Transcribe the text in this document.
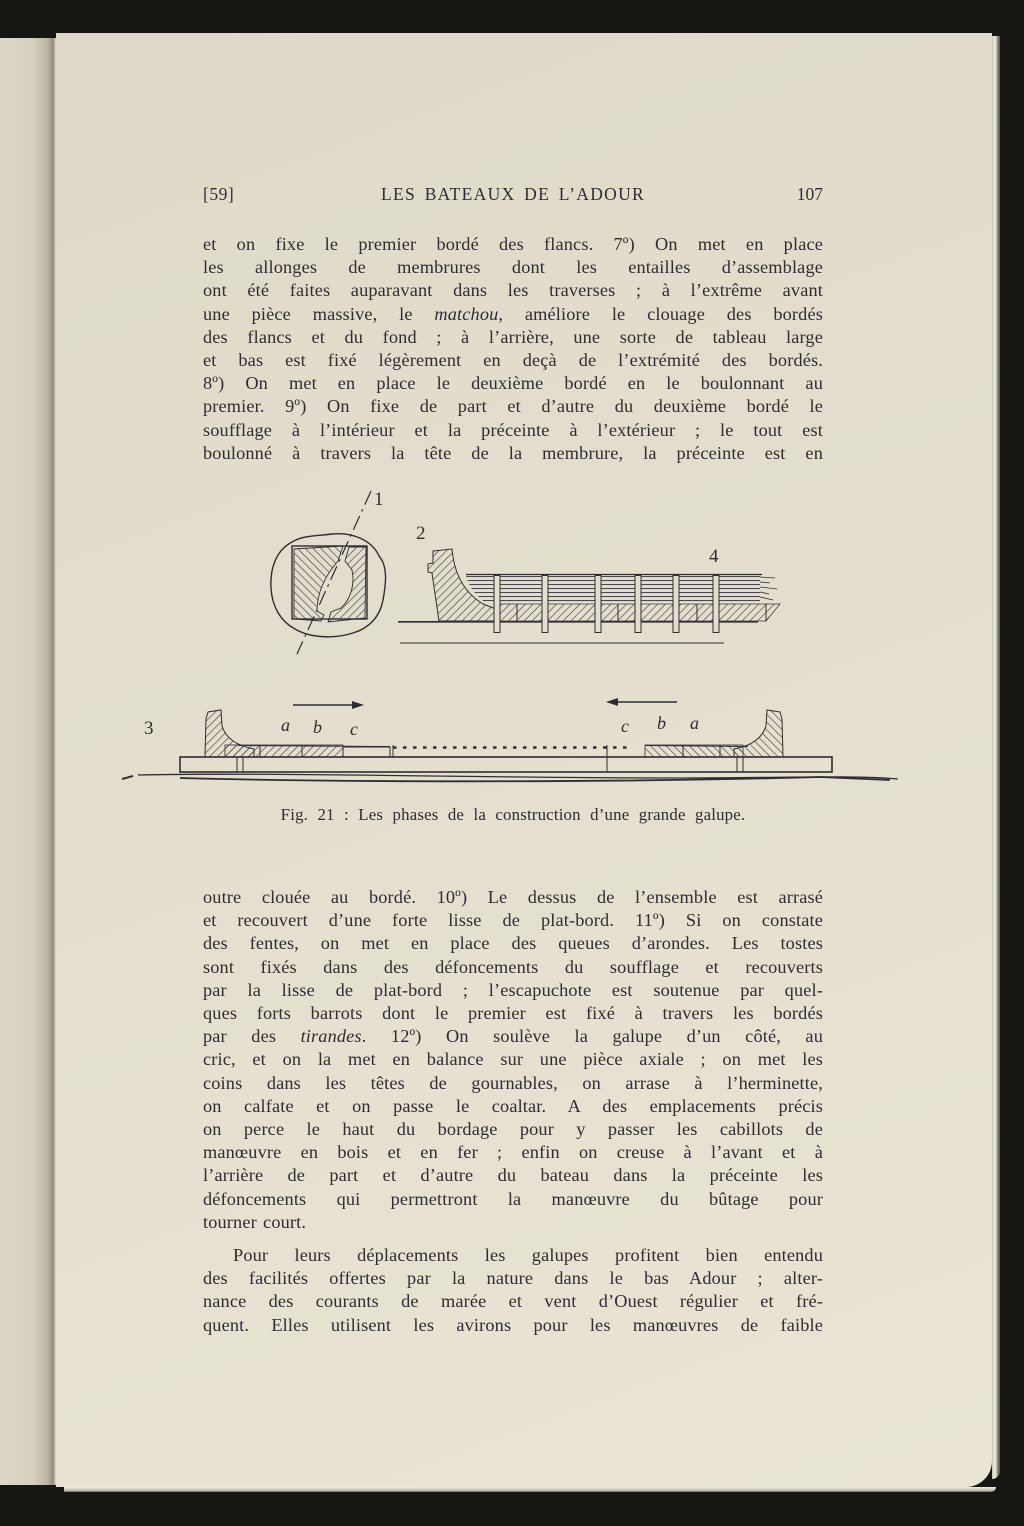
[59]	LES BATEAUX DE L’ADOUR	107
et on fixe le premier bordé des flancs. 7º) On met en place
les allonges de membrures dont les entailles d’assemblage
ont été faites auparavant dans les traverses ; à l’extrême avant
une pièce massive, le matchou, améliore le clouage des bordés
des flancs et du fond ; à l’arrière, une sorte de tableau large
et bas est fixé légèrement en deçà de l’extrémité des bordés.
8º) On met en place le deuxième bordé en le boulonnant au
premier. 9º) On fixe de part et d’autre du deuxième bordé le
soufflage à l’intérieur et la préceinte à l’extérieur ; le tout est
boulonné à travers la tête de la membrure, la préceinte est en
1
2
4
3	a b c	c b a
Fig. 21 : Les phases de la construction d’une grande galupe.
outre clouée au bordé. 10º) Le dessus de l’ensemble est arrasé
et recouvert d’une forte lisse de plat-bord. 11º) Si on constate
des fentes, on met en place des queues d’arondes. Les tostes
sont fixés dans des défoncements du soufflage et recouverts
par la lisse de plat-bord ; l’escapuchote est soutenue par quel-
ques forts barrots dont le premier est fixé à travers les bordés
par des tirandes. 12º) On soulève la galupe d’un côté, au
cric, et on la met en balance sur une pièce axiale ; on met les
coins dans les têtes de gournables, on arrase à l’herminette,
on calfate et on passe le coaltar. A des emplacements précis
on perce le haut du bordage pour y passer les cabillots de
manœuvre en bois et en fer ; enfin on creuse à l’avant et à
l’arrière de part et d’autre du bateau dans la préceinte les
défoncements qui permettront la manœuvre du bûtage pour
tourner court.
Pour leurs déplacements les galupes profitent bien entendu
des facilités offertes par la nature dans le bas Adour ; alter-
nance des courants de marée et vent d’Ouest régulier et fré-
quent. Elles utilisent les avirons pour les manœuvres de faible
